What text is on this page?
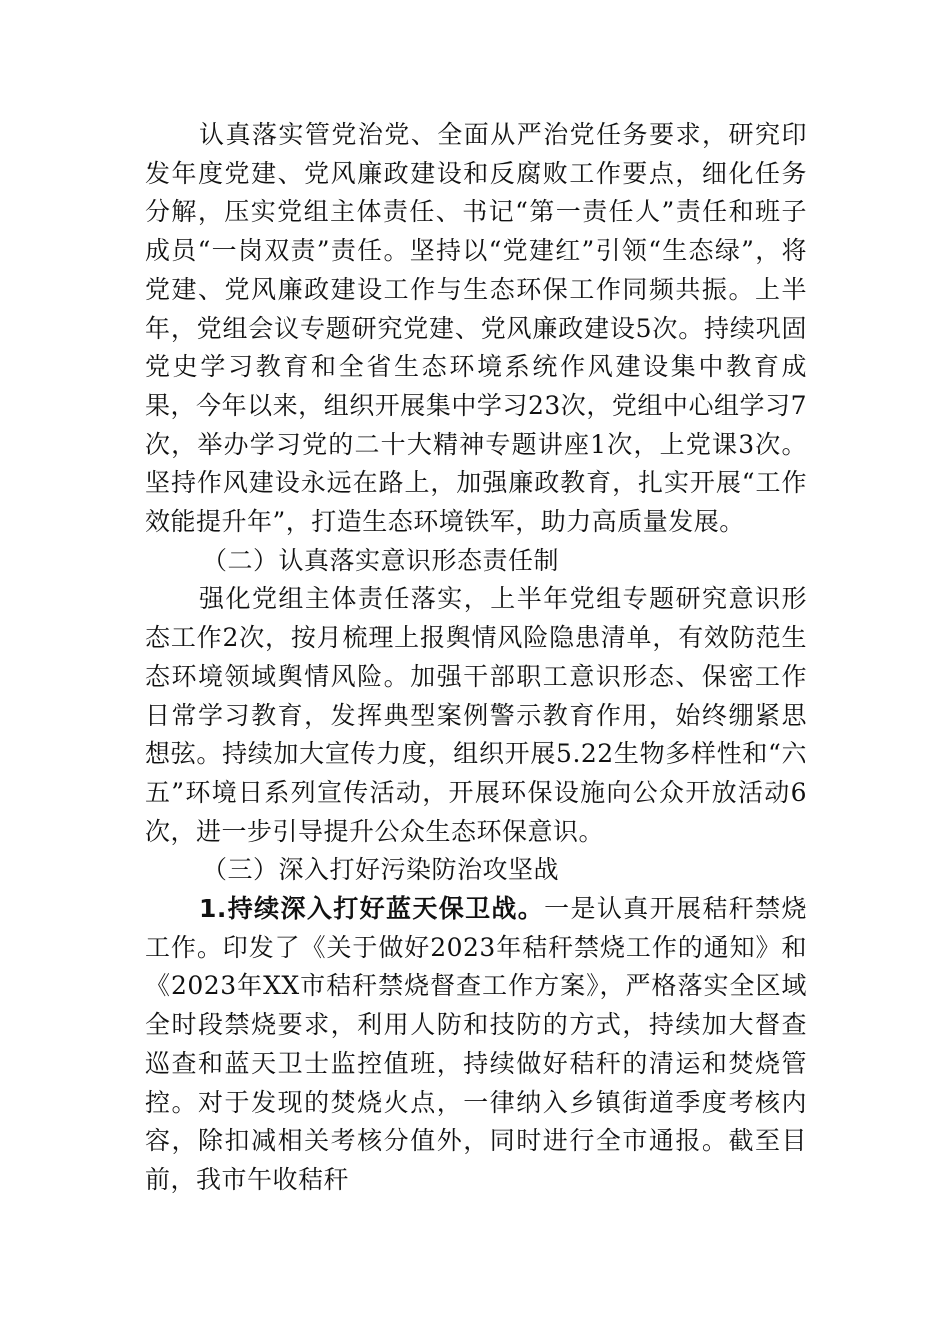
认真落实管党治党、全面从严治党任务要求，研究印发年度党建、党风廉政建设和反腐败工作要点，细化任务分解，压实党组主体责任、书记“第一责任人”责任和班子成员“一岗双责”责任。坚持以“党建红”引领“生态绿”，将党建、党风廉政建设工作与生态环保工作同频共振。上半年，党组会议专题研究党建、党风廉政建设5次。持续巩固党史学习教育和全省生态环境系统作风建设集中教育成果，今年以来，组织开展集中学习23次，党组中心组学习7次，举办学习党的二十大精神专题讲座1次，上党课3次。坚持作风建设永远在路上，加强廉政教育，扎实开展“工作效能提升年”，打造生态环境铁军，助力高质量发展。

（二）认真落实意识形态责任制

强化党组主体责任落实，上半年党组专题研究意识形态工作2次，按月梳理上报舆情风险隐患清单，有效防范生态环境领域舆情风险。加强干部职工意识形态、保密工作日常学习教育，发挥典型案例警示教育作用，始终绷紧思想弦。持续加大宣传力度，组织开展5.22生物多样性和“六五”环境日系列宣传活动，开展环保设施向公众开放活动6次，进一步引导提升公众生态环保意识。

（三）深入打好污染防治攻坚战

1.持续深入打好蓝天保卫战。一是认真开展秸秆禁烧工作。印发了《关于做好2023年秸秆禁烧工作的通知》和《2023年XX市秸秆禁烧督查工作方案》，严格落实全区域全时段禁烧要求，利用人防和技防的方式，持续加大督查巡查和蓝天卫士监控值班，持续做好秸秆的清运和焚烧管控。对于发现的焚烧火点，一律纳入乡镇街道季度考核内容，除扣减相关考核分值外，同时进行全市通报。截至目前，我市午收秸秆
